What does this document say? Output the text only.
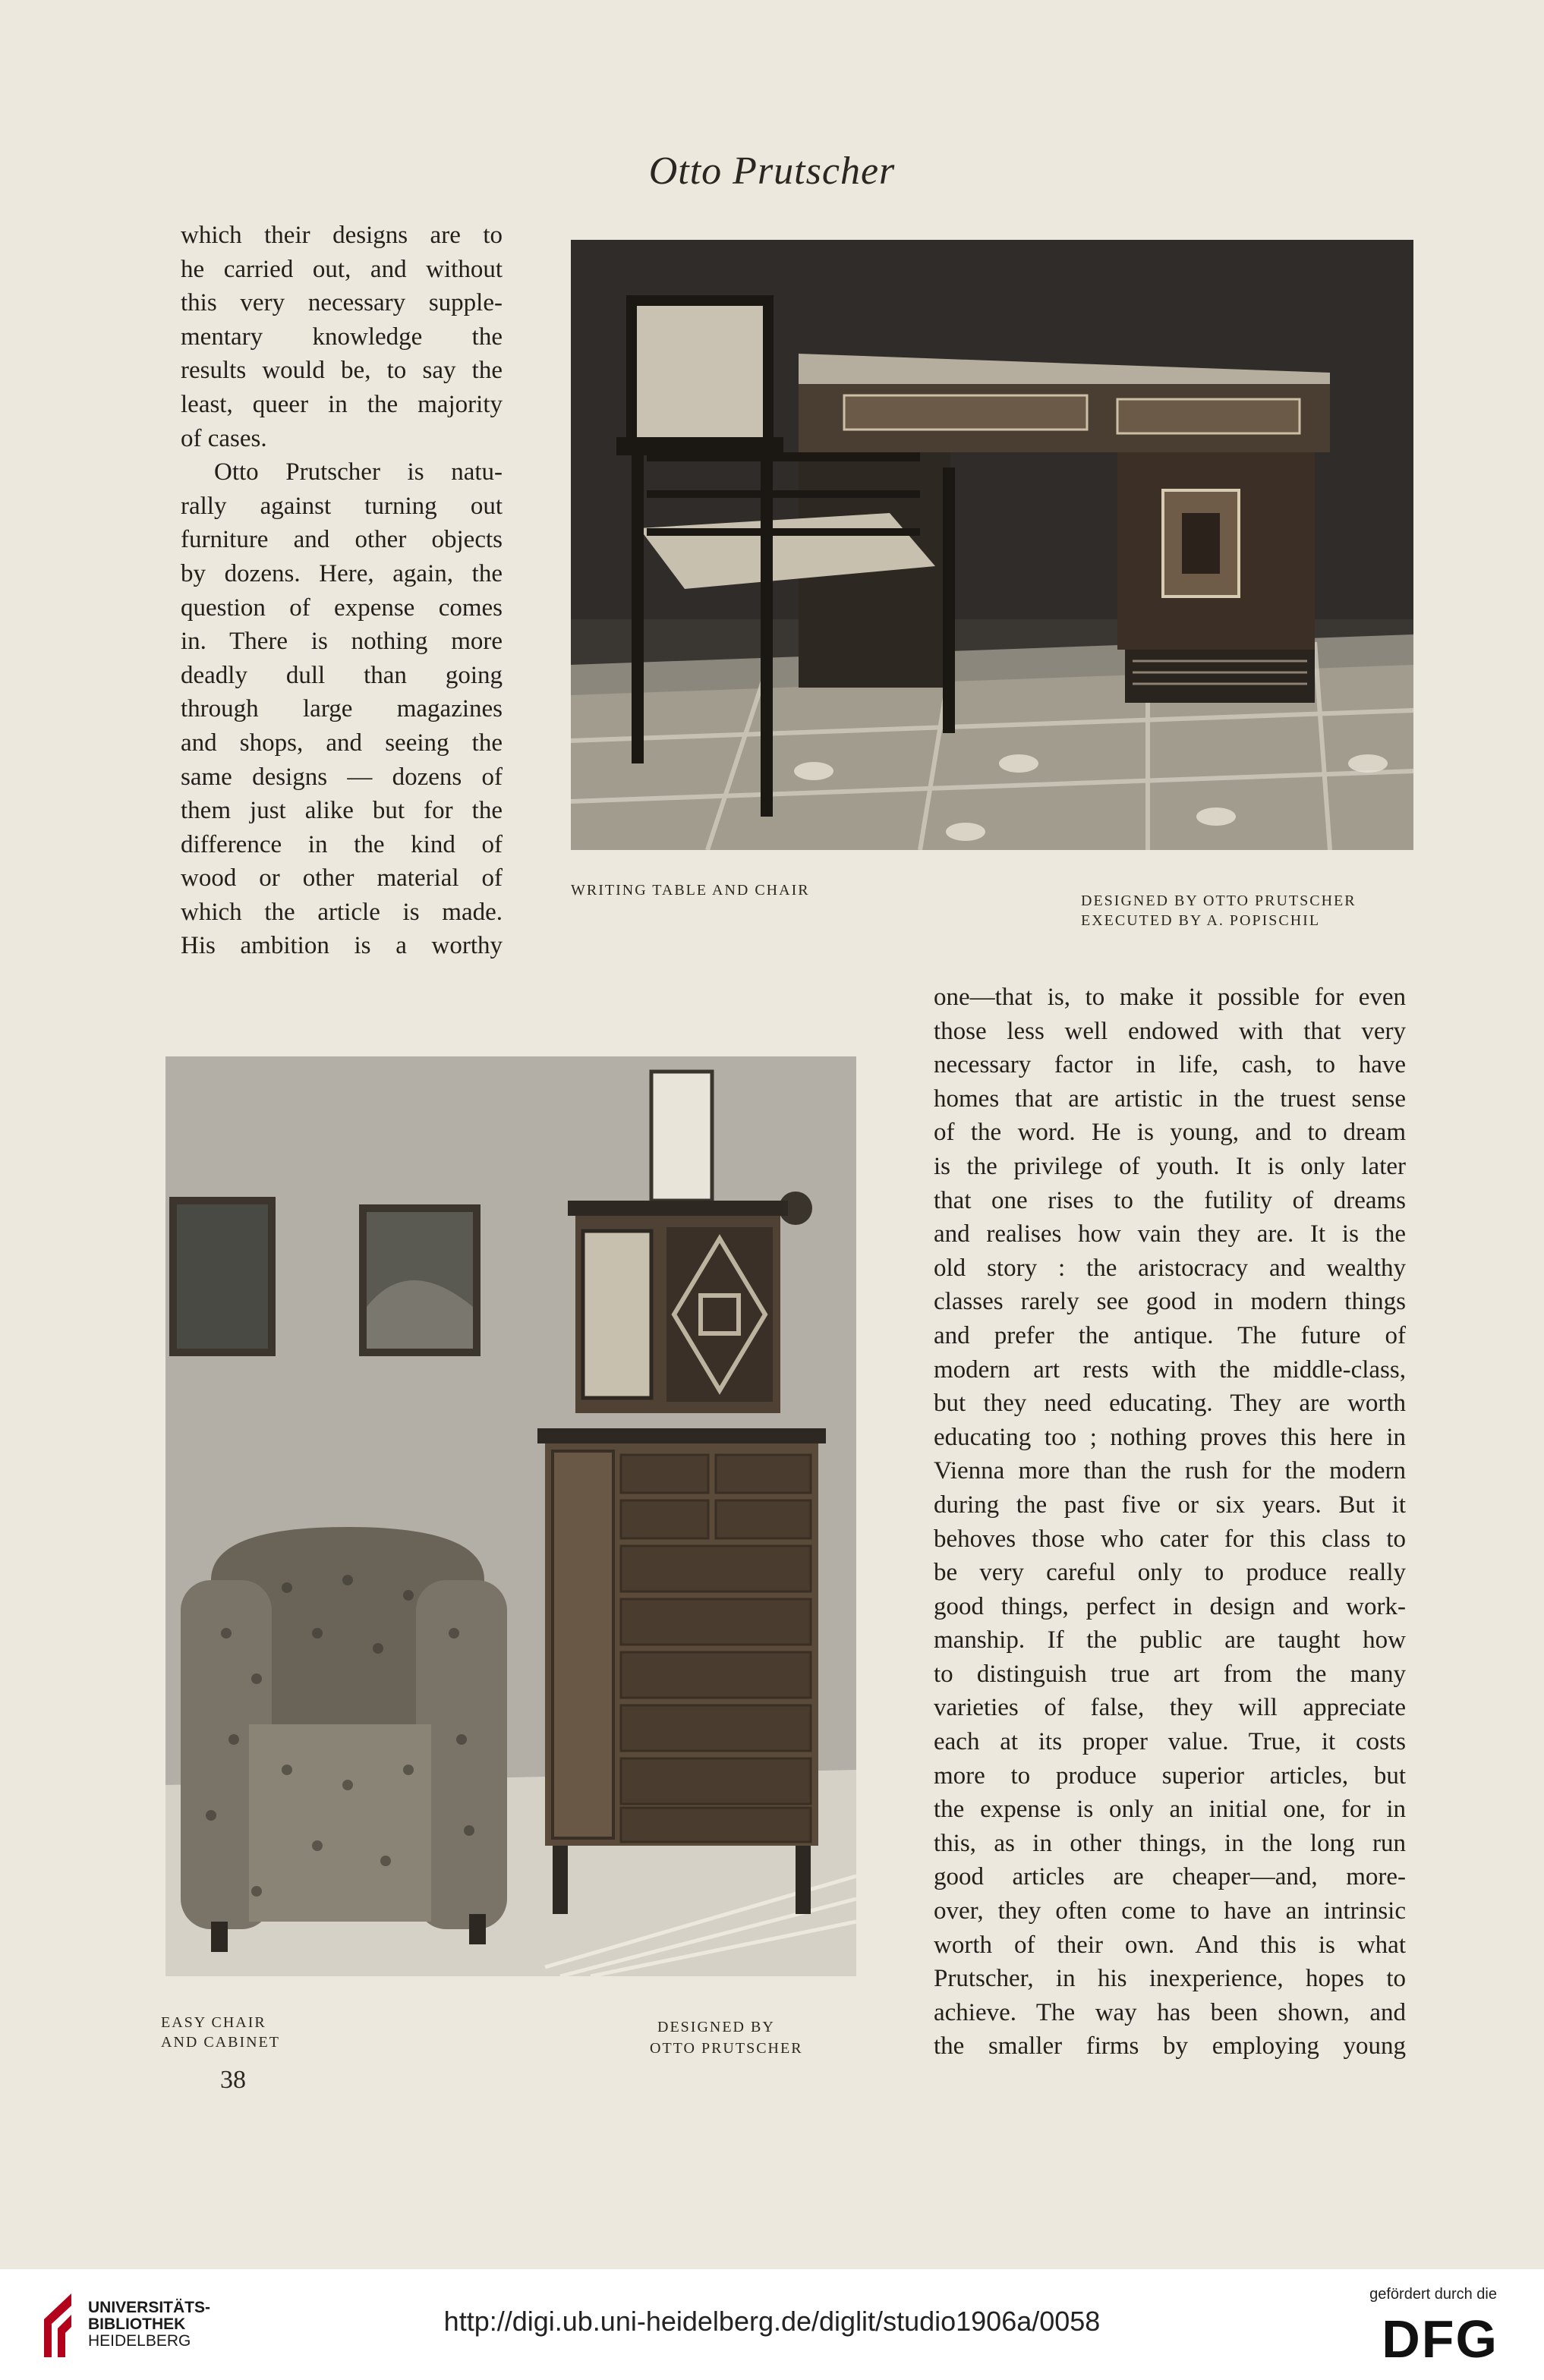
Otto Prutscher
which their designs are to
he carried out, and without
this very necessary supple-
mentary knowledge the
results would be, to say the
least, queer in the majority
of cases.
Otto Prutscher is natu-
rally against turning out
furniture and other objects
by dozens. Here, again, the
question of expense comes
in. There is nothing more
deadly dull than going
through large magazines
and shops, and seeing the
same designs — dozens of
them just alike but for the
difference in the kind of
wood or other material of
which the article is made.
His ambition is a worthy
WRITING TABLE AND CHAIR
DESIGNED BY OTTO PRUTSCHER
EXECUTED BY A. POPISCHIL
EASY CHAIR
AND CABINET
DESIGNED BY
OTTO PRUTSCHER
38
one—that is, to make it possible for even
those less well endowed with that very
necessary factor in life, cash, to have
homes that are artistic in the truest sense
of the word. He is young, and to dream
is the privilege of youth. It is only later
that one rises to the futility of dreams
and realises how vain they are. It is the
old story : the aristocracy and wealthy
classes rarely see good in modern things
and prefer the antique. The future of
modern art rests with the middle-class,
but they need educating. They are worth
educating too ; nothing proves this here in
Vienna more than the rush for the modern
during the past five or six years. But it
behoves those who cater for this class to
be very careful only to produce really
good things, perfect in design and work-
manship. If the public are taught how
to distinguish true art from the many
varieties of false, they will appreciate
each at its proper value. True, it costs
more to produce superior articles, but
the expense is only an initial one, for in
this, as in other things, in the long run
good articles are cheaper—and, more-
over, they often come to have an intrinsic
worth of their own. And this is what
Prutscher, in his inexperience, hopes to
achieve. The way has been shown, and
the smaller firms by employing young
UNIVERSITÄTS-
BIBLIOTHEK
HEIDELBERG
http://digi.ub.uni-heidelberg.de/diglit/studio1906a/0058
gefördert durch die
DFG
